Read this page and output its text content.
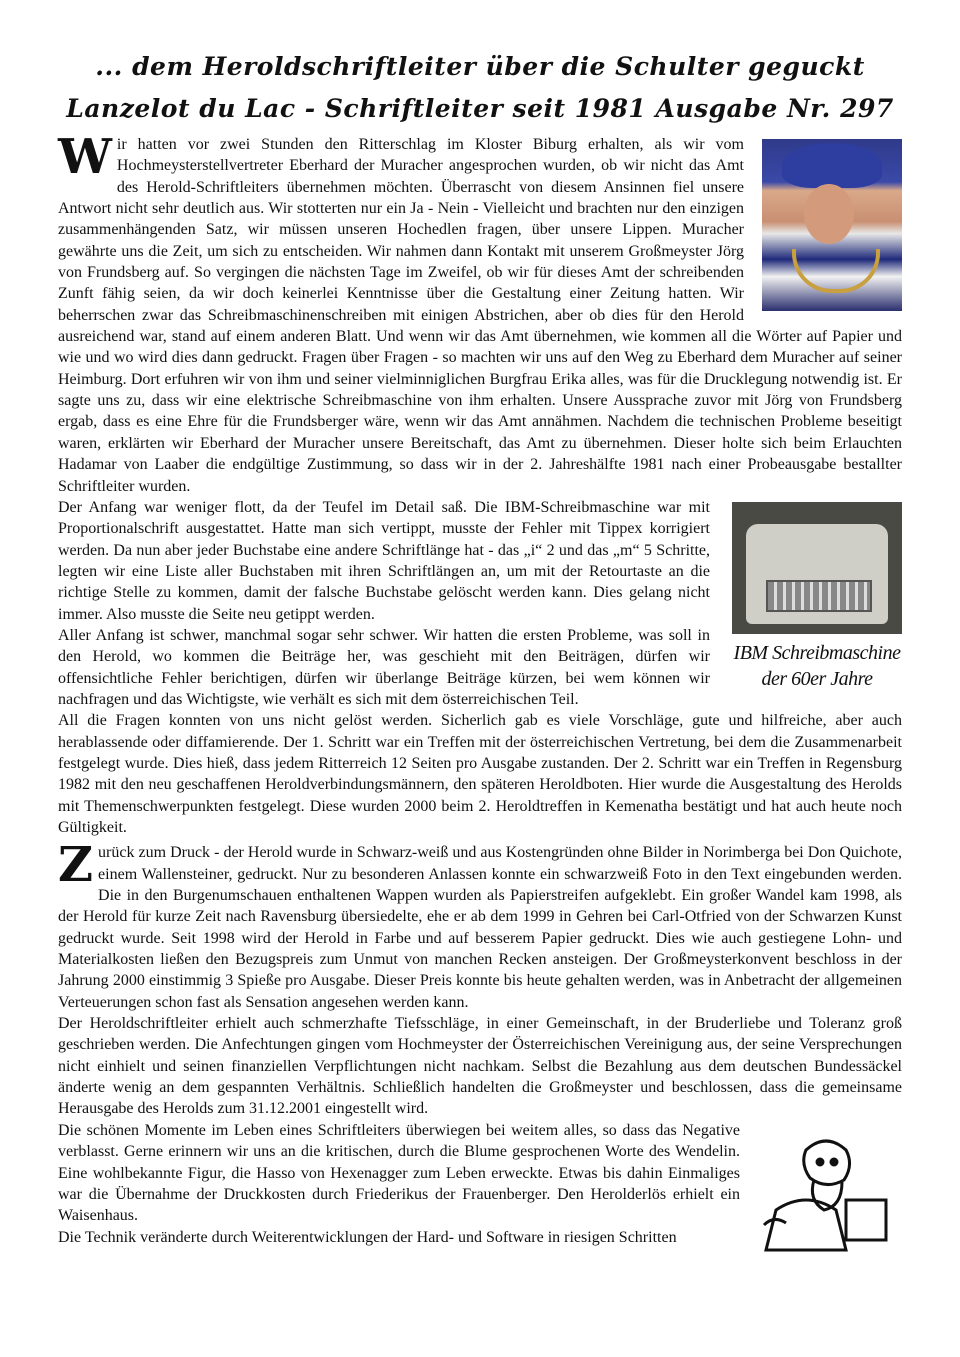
... dem Heroldschriftleiter über die Schulter geguckt
Lanzelot du Lac - Schriftleiter seit 1981 Ausgabe Nr. 297

Wir hatten vor zwei Stunden den Ritterschlag im Kloster Biburg erhalten, als wir vom Hochmeysterstellvertreter Eberhard der Muracher angesprochen wurden, ob wir nicht das Amt des Herold-Schriftleiters übernehmen möchten. Überrascht von diesem Ansinnen fiel unsere Antwort nicht sehr deutlich aus. Wir stotterten nur ein Ja - Nein - Vielleicht und brachten nur den einzigen zusammenhängenden Satz, wir müssen unseren Hochedlen fragen, über unsere Lippen. Muracher gewährte uns die Zeit, um sich zu entscheiden. Wir nahmen dann Kontakt mit unserem Großmeyster Jörg von Frundsberg auf. So vergingen die nächsten Tage im Zweifel, ob wir für dieses Amt der schreibenden Zunft fähig seien, da wir doch keinerlei Kenntnisse über die Gestaltung einer Zeitung hatten. Wir beherrschen zwar das Schreibmaschinenschreiben mit einigen Abstrichen, aber ob dies für den Herold ausreichend war, stand auf einem anderen Blatt. Und wenn wir das Amt übernehmen, wie kommen all die Wörter auf Papier und wie und wo wird dies dann gedruckt. Fragen über Fragen - so machten wir uns auf den Weg zu Eberhard dem Muracher auf seiner Heimburg. Dort erfuhren wir von ihm und seiner vielminniglichen Burgfrau Erika alles, was für die Drucklegung notwendig ist. Er sagte uns zu, dass wir eine elektrische Schreibmaschine von ihm erhalten. Unsere Aussprache zuvor mit Jörg von Frundsberg ergab, dass es eine Ehre für die Frundsberger wäre, wenn wir das Amt annähmen. Nachdem die technischen Probleme beseitigt waren, erklärten wir Eberhard der Muracher unsere Bereitschaft, das Amt zu übernehmen. Dieser holte sich beim Erlauchten Hadamar von Laaber die endgültige Zustimmung, so dass wir in der 2. Jahreshälfte 1981 nach einer Probeausgabe bestallter Schriftleiter wurden.

IBM Schreibmaschine
der 60er Jahre

Der Anfang war weniger flott, da der Teufel im Detail saß. Die IBM-Schreibmaschine war mit Proportionalschrift ausgestattet. Hatte man sich vertippt, musste der Fehler mit Tippex korrigiert werden. Da nun aber jeder Buchstabe eine andere Schriftlänge hat - das „i“ 2 und das „m“ 5 Schritte, legten wir eine Liste aller Buchstaben mit ihren Schriftlängen an, um mit der Retourtaste an die richtige Stelle zu kommen, damit der falsche Buchstabe gelöscht werden kann. Dies gelang nicht immer. Also musste die Seite neu getippt werden.

Aller Anfang ist schwer, manchmal sogar sehr schwer. Wir hatten die ersten Probleme, was soll in den Herold, wo kommen die Beiträge her, was geschieht mit den Beiträgen, dürfen wir offensichtliche Fehler berichtigen, dürfen wir überlange Beiträge kürzen, bei wem können wir nachfragen und das Wichtigste, wie verhält es sich mit dem österreichischen Teil.

All die Fragen konnten von uns nicht gelöst werden. Sicherlich gab es viele Vorschläge, gute und hilfreiche, aber auch herablassende oder diffamierende. Der 1. Schritt war ein Treffen mit der österreichischen Vertretung, bei dem die Zusammenarbeit festgelegt wurde. Dies hieß, dass jedem Ritterreich 12 Seiten pro Ausgabe zustanden. Der 2. Schritt war ein Treffen in Regensburg 1982 mit den neu geschaffenen Heroldverbindungsmännern, den späteren Heroldboten. Hier wurde die Ausgestaltung des Herolds mit Themenschwerpunkten festgelegt. Diese wurden 2000 beim 2. Heroldtreffen in Kemenatha bestätigt und hat auch heute noch Gültigkeit.

Zurück zum Druck - der Herold wurde in Schwarz-weiß und aus Kostengründen ohne Bilder in Norimberga bei Don Quichote, einem Wallensteiner, gedruckt. Nur zu besonderen Anlassen konnte ein schwarzweiß Foto in den Text eingebunden werden. Die in den Burgenumschauen enthaltenen Wappen wurden als Papierstreifen aufgeklebt. Ein großer Wandel kam 1998, als der Herold für kurze Zeit nach Ravensburg übersiedelte, ehe er ab dem 1999 in Gehren bei Carl-Otfried von der Schwarzen Kunst gedruckt wurde. Seit 1998 wird der Herold in Farbe und auf besserem Papier gedruckt. Dies wie auch gestiegene Lohn- und Materialkosten ließen den Bezugspreis zum Unmut von manchen Recken ansteigen. Der Großmeysterkonvent beschloss in der Jahrung 2000 einstimmig 3 Spieße pro Ausgabe. Dieser Preis konnte bis heute gehalten werden, was in Anbetracht der allgemeinen Verteuerungen schon fast als Sensation angesehen werden kann.

Der Heroldschriftleiter erhielt auch schmerzhafte Tiefsschläge, in einer Gemeinschaft, in der Bruderliebe und Toleranz groß geschrieben werden. Die Anfechtungen gingen vom Hochmeyster der Österreichischen Vereinigung aus, der seine Versprechungen nicht einhielt und seinen finanziellen Verpflichtungen nicht nachkam. Selbst die Bezahlung aus dem deutschen Bundessäckel änderte wenig an dem gespannten Verhältnis. Schließlich handelten die Großmeyster und beschlossen, dass die gemeinsame Herausgabe des Herolds zum 31.12.2001 eingestellt wird.

Die schönen Momente im Leben eines Schriftleiters überwiegen bei weitem alles, so dass das Negative verblasst. Gerne erinnern wir uns an die kritischen, durch die Blume gesprochenen Worte des Wendelin. Eine wohlbekannte Figur, die Hasso von Hexenagger zum Leben erweckte. Etwas bis dahin Einmaliges war die Übernahme der Druckkosten durch Friederikus der Frauenberger. Den Herolderlös erhielt ein Waisenhaus.

Die Technik veränderte durch Weiterentwicklungen der Hard- und Software in riesigen Schritten
